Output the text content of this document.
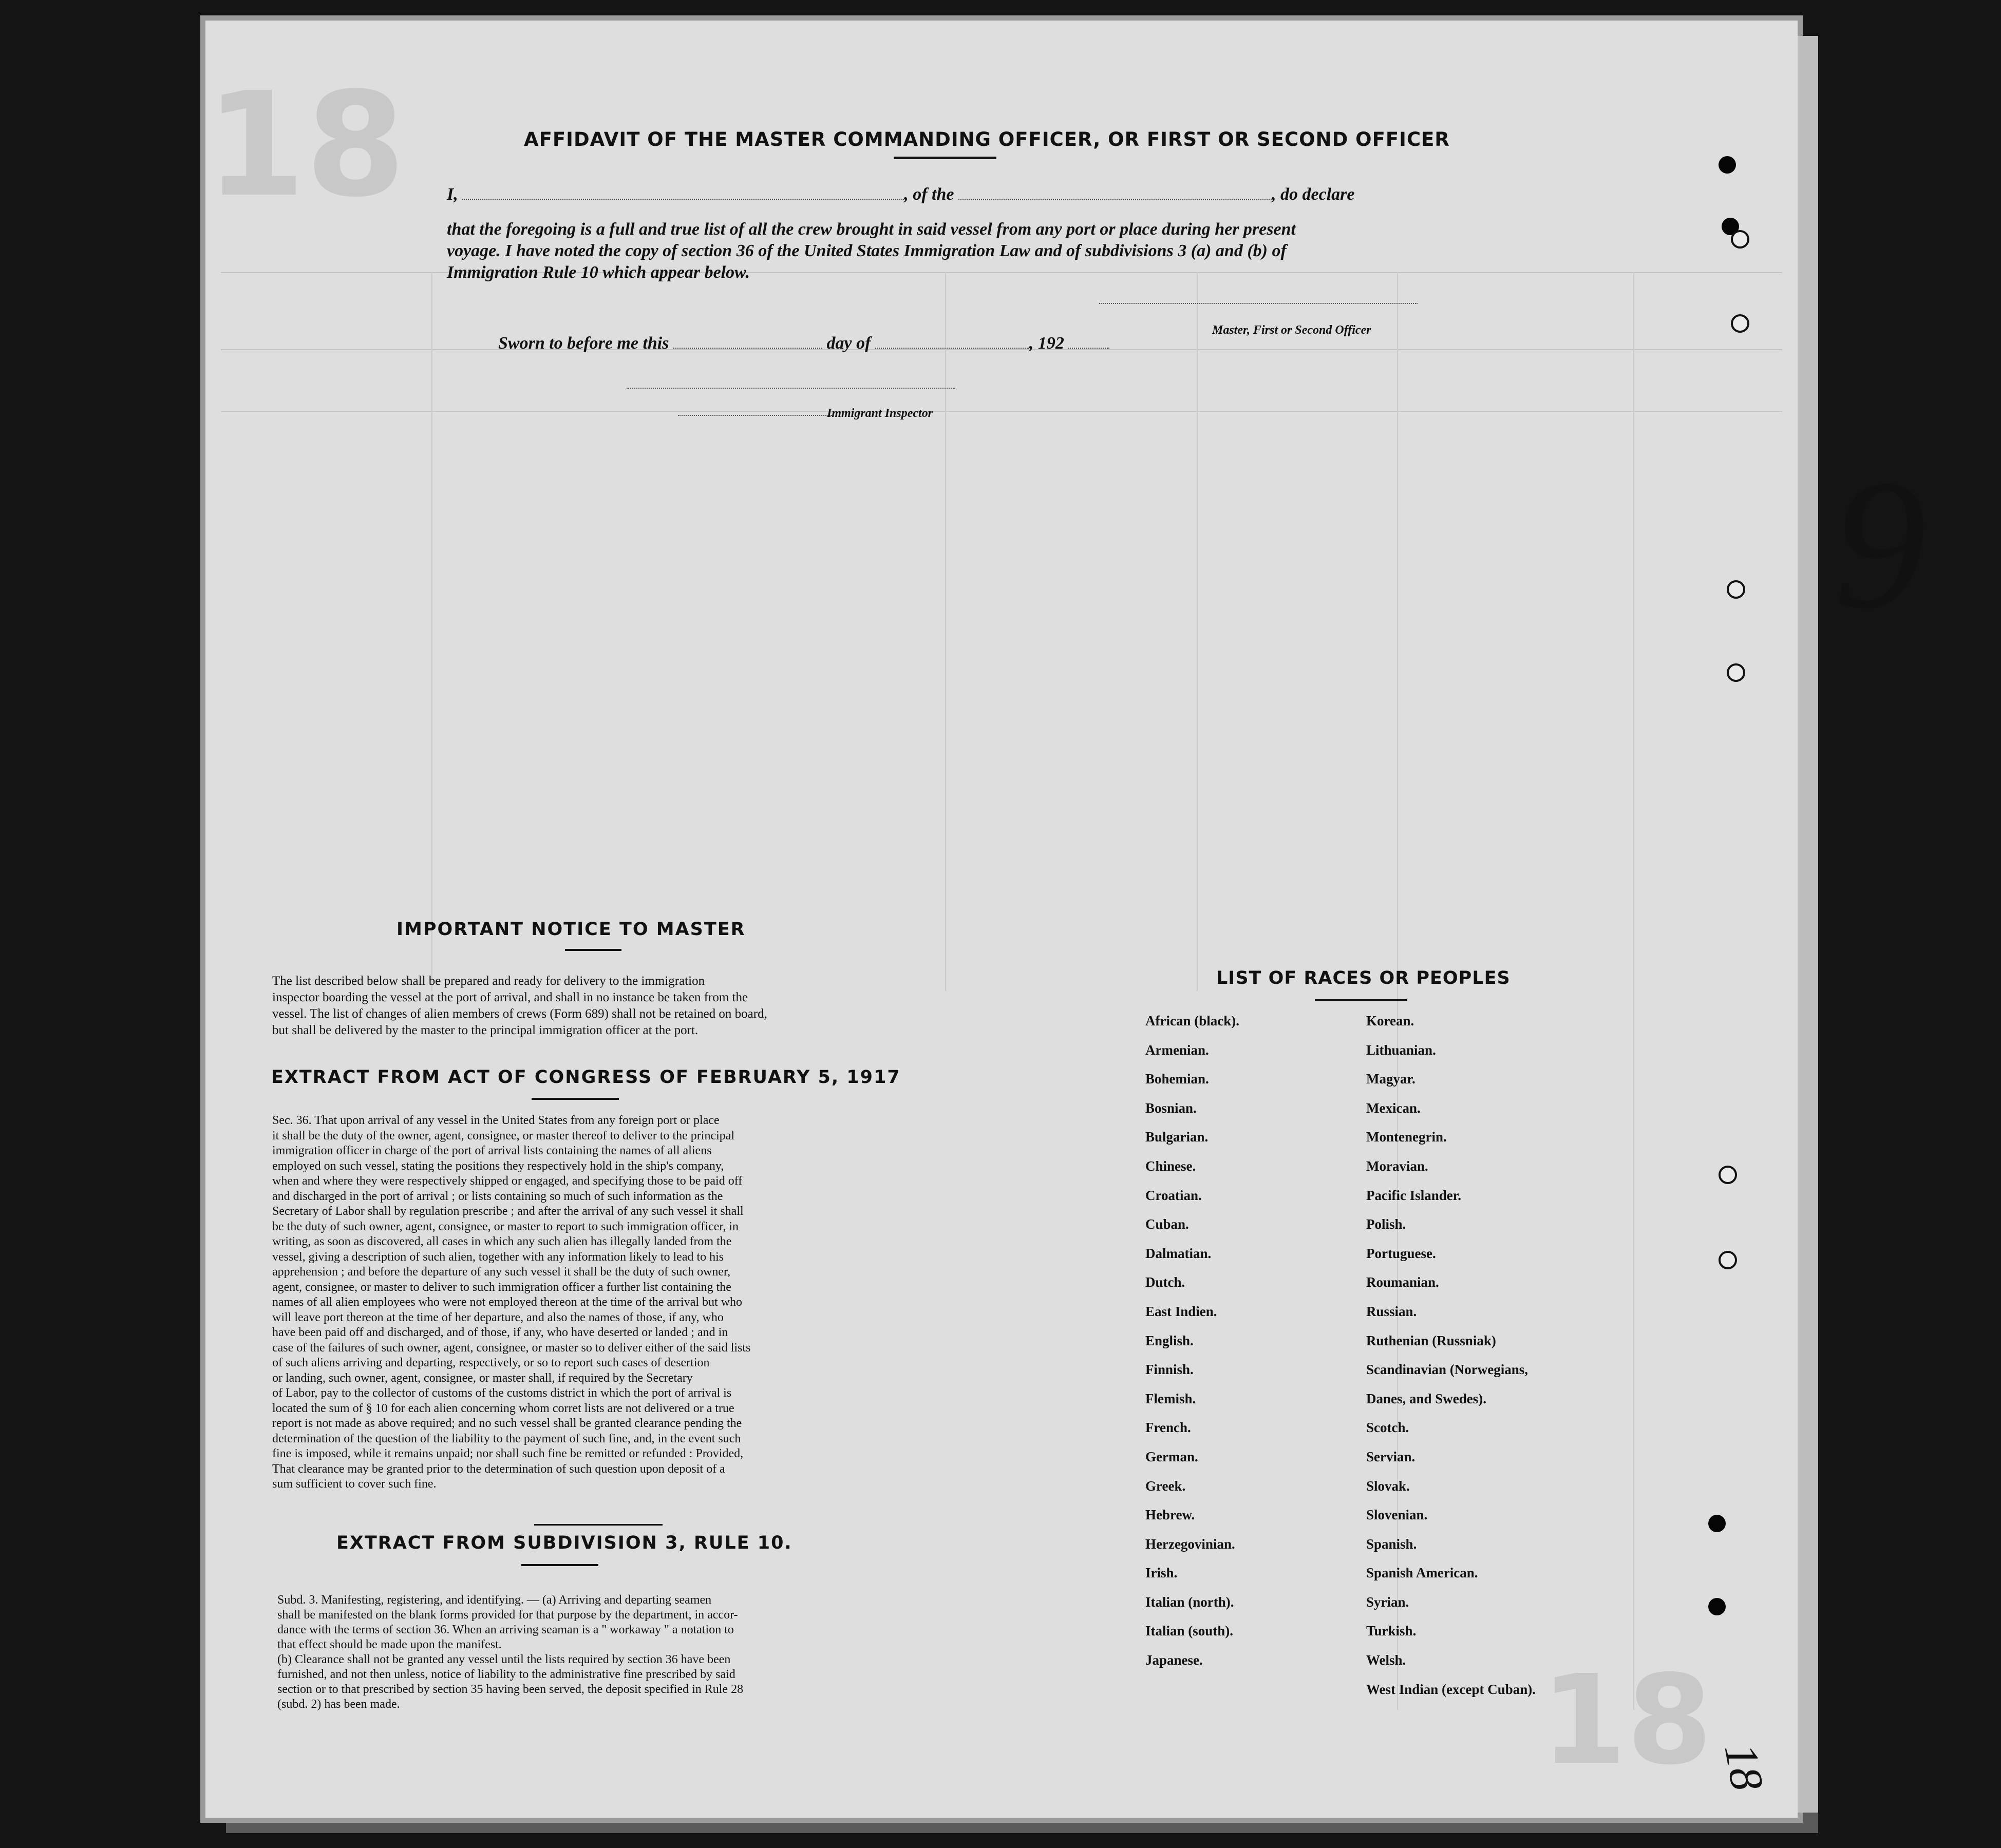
18
18
AFFIDAVIT OF THE MASTER COMMANDING OFFICER, OR FIRST OR SECOND OFFICER
I,	, of the	, do declare
that the foregoing is a full and true list of all the crew brought in said vessel from any port or place during her present
voyage. I have noted the copy of section 36 of the United States Immigration Law and of subdivisions 3 (a) and (b) of
Immigration Rule 10 which appear below.
Master, First or Second Officer
Sworn to before me this	day of	, 192
Immigrant Inspector
IMPORTANT NOTICE TO MASTER
The list described below shall be prepared and ready for delivery to the immigration
inspector boarding the vessel at the port of arrival, and shall in no instance be taken from the
vessel. The list of changes of alien members of crews (Form 689) shall not be retained on board,
but shall be delivered by the master to the principal immigration officer at the port.
EXTRACT FROM ACT OF CONGRESS OF FEBRUARY 5, 1917
Sec. 36. That upon arrival of any vessel in the United States from any foreign port or place
it shall be the duty of the owner, agent, consignee, or master thereof to deliver to the principal
immigration officer in charge of the port of arrival lists containing the names of all aliens
employed on such vessel, stating the positions they respectively hold in the ship's company,
when and where they were respectively shipped or engaged, and specifying those to be paid off
and discharged in the port of arrival ; or lists containing so much of such information as the
Secretary of Labor shall by regulation prescribe ; and after the arrival of any such vessel it shall
be the duty of such owner, agent, consignee, or master to report to such immigration officer, in
writing, as soon as discovered, all cases in which any such alien has illegally landed from the
vessel, giving a description of such alien, together with any information likely to lead to his
apprehension ; and before the departure of any such vessel it shall be the duty of such owner,
agent, consignee, or master to deliver to such immigration officer a further list containing the
names of all alien employees who were not employed thereon at the time of the arrival but who
will leave port thereon at the time of her departure, and also the names of those, if any, who
have been paid off and discharged, and of those, if any, who have deserted or landed ; and in
case of the failures of such owner, agent, consignee, or master so to deliver either of the said lists
of such aliens arriving and departing, respectively, or so to report such cases of desertion
or landing, such owner, agent, consignee, or master shall, if required by the Secretary
of Labor, pay to the collector of customs of the customs district in which the port of arrival is
located the sum of § 10 for each alien concerning whom corret lists are not delivered or a true
report is not made as above required; and no such vessel shall be granted clearance pending the
determination of the question of the liability to the payment of such fine, and, in the event such
fine is imposed, while it remains unpaid; nor shall such fine be remitted or refunded : Provided,
That clearance may be granted prior to the determination of such question upon deposit of a
sum sufficient to cover such fine.
EXTRACT FROM SUBDIVISION 3, RULE 10.
Subd. 3. Manifesting, registering, and identifying. — (a) Arriving and departing seamen
shall be manifested on the blank forms provided for that purpose by the department, in accor-
dance with the terms of section 36. When an arriving seaman is a " workaway " a notation to
that effect should be made upon the manifest.
(b) Clearance shall not be granted any vessel until the lists required by section 36 have been
furnished, and not then unless, notice of liability to the administrative fine prescribed by said
section or to that prescribed by section 35 having been served, the deposit specified in Rule 28
(subd. 2) has been made.
LIST OF RACES OR PEOPLES
African (black).
Armenian.
Bohemian.
Bosnian.
Bulgarian.
Chinese.
Croatian.
Cuban.
Dalmatian.
Dutch.
East Indien.
English.
Finnish.
Flemish.
French.
German.
Greek.
Hebrew.
Herzegovinian.
Irish.
Italian (north).
Italian (south).
Japanese.
Korean.
Lithuanian.
Magyar.
Mexican.
Montenegrin.
Moravian.
Pacific Islander.
Polish.
Portuguese.
Roumanian.
Russian.
Ruthenian (Russniak)
Scandinavian (Norwegians,
Danes, and Swedes).
Scotch.
Servian.
Slovak.
Slovenian.
Spanish.
Spanish American.
Syrian.
Turkish.
Welsh.
West Indian (except Cuban).
9
18
